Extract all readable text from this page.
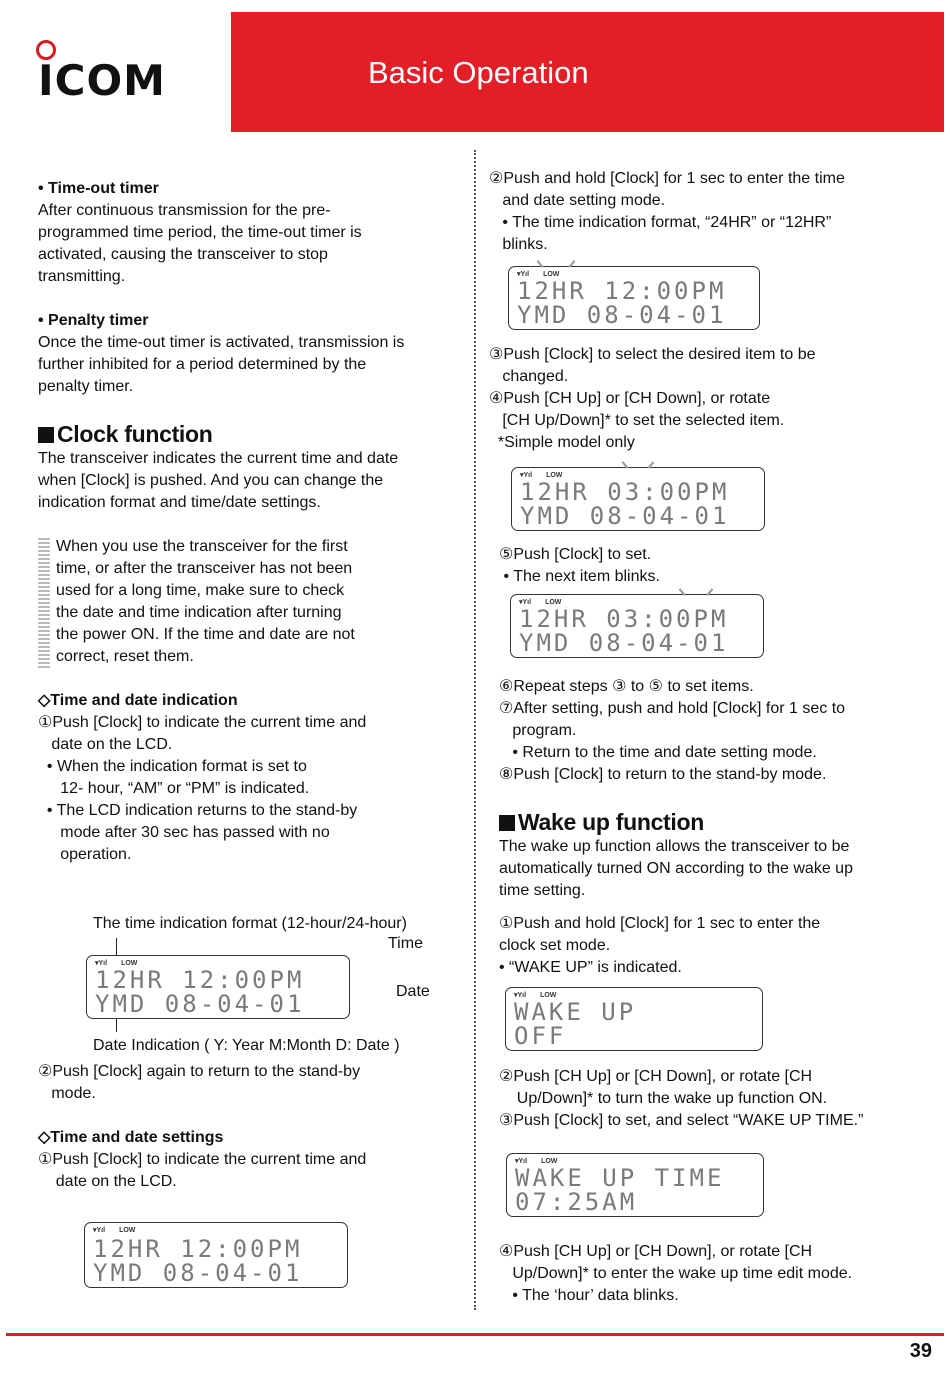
ICOM	Basic Operation

• Time-out timer

After continuous transmission for the pre-
programmed time period, the time-out timer is
activated, causing the transceiver to stop
transmitting.

• Penalty timer

Once the time-out timer is activated, transmission is
further inhibited for a period determined by the
penalty timer.

Clock function

The transceiver indicates the current time and date
when [Clock] is pushed. And you can change the
indication format and time/date settings.

When you use the transceiver for the first
time, or after the transceiver has not been
used for a long time, make sure to check
the date and time indication after turning
the power ON. If the time and date are not
correct, reset them.

◇Time and date indication

①Push [Clock] to indicate the current time and
date on the LCD.
• When the indication format is set to
12- hour, “AM” or “PM” is indicated.
• The LCD indication returns to the stand-by
mode after 30 sec has passed with no
operation.

The time indication format (12-hour/24-hour)
Time
Date
▾Yıl LOW
12HR 12:00PM
YMD 08-04-01
Date Indication ( Y: Year M:Month D: Date )

②Push [Clock] again to return to the stand-by
mode.

◇Time and date settings

①Push [Clock] to indicate the current time and
date on the LCD.

▾Yıl LOW
12HR 12:00PM
YMD 08-04-01

②Push and hold [Clock] for 1 sec to enter the time
and date setting mode.
• The time indication format, “24HR” or “12HR”
blinks.

▾Yıl LOW
12HR 12:00PM
YMD 08-04-01

③Push [Clock] to select the desired item to be
changed.
④Push [CH Up] or [CH Down], or rotate
[CH Up/Down]* to set the selected item.
*Simple model only

▾Yıl LOW
12HR 03:00PM
YMD 08-04-01

⑤Push [Clock] to set.
• The next item blinks.

▾Yıl LOW
12HR 03:00PM
YMD 08-04-01

⑥Repeat steps ③ to ⑤ to set items.
⑦After setting, push and hold [Clock] for 1 sec to
program.
• Return to the time and date setting mode.
⑧Push [Clock] to return to the stand-by mode.

Wake up function

The wake up function allows the transceiver to be
automatically turned ON according to the wake up
time setting.

①Push and hold [Clock] for 1 sec to enter the
clock set mode.
• “WAKE UP” is indicated.

▾Yıl LOW
WAKE UP
OFF

②Push [CH Up] or [CH Down], or rotate [CH
Up/Down]* to turn the wake up function ON.
③Push [Clock] to set, and select “WAKE UP TIME.”

▾Yıl LOW
WAKE UP TIME
07:25AM

④Push [CH Up] or [CH Down], or rotate [CH
Up/Down]* to enter the wake up time edit mode.
• The ‘hour’ data blinks.

39
